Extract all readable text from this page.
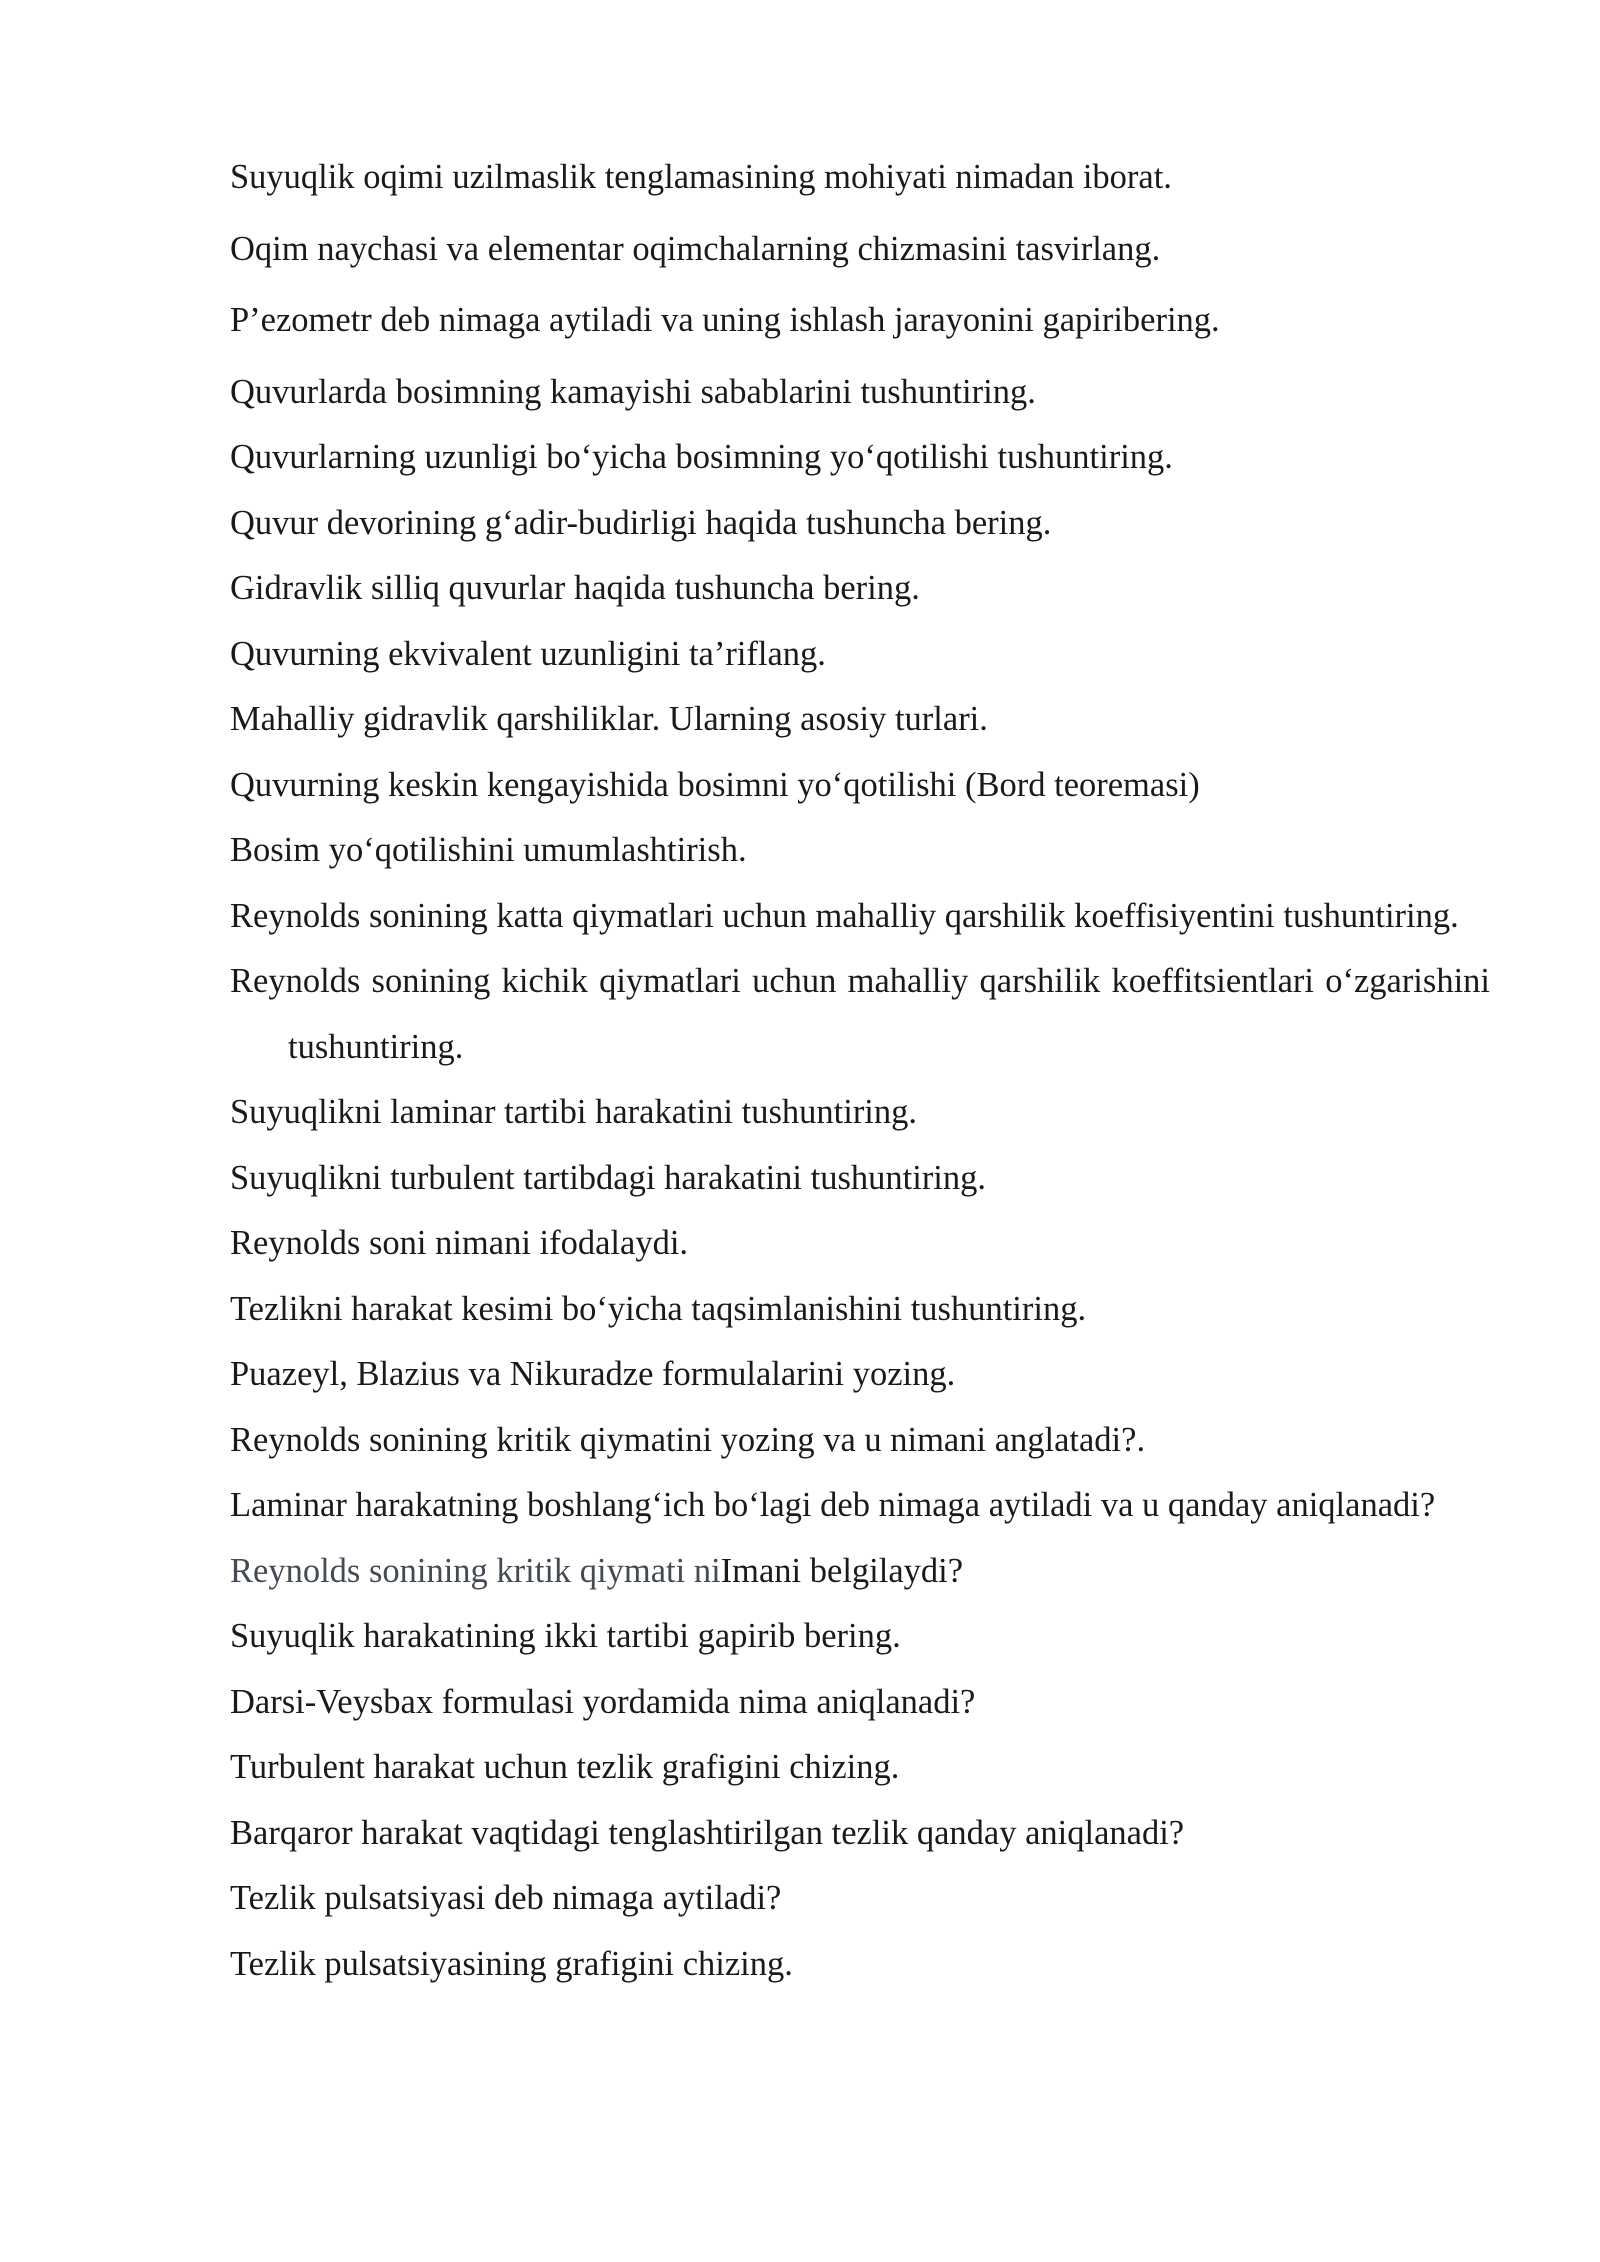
Suyuqlik oqimi uzilmaslik tenglamasining mohiyati nimadan iborat.

Oqim naychasi va elementar oqimchalarning chizmasini tasvirlang.

P’ezometr deb nimaga aytiladi va uning ishlash jarayonini gapiribering.

Quvurlarda bosimning kamayishi sabablarini tushuntiring.

Quvurlarning uzunligi bo‘yicha bosimning yo‘qotilishi tushuntiring.

Quvur devorining g‘adir-budirligi haqida tushuncha bering.

Gidravlik silliq quvurlar haqida tushuncha bering.

Quvurning ekvivalent uzunligini ta’riflang.

Mahalliy gidravlik qarshiliklar. Ularning asosiy turlari.

Quvurning keskin kengayishida bosimni yo‘qotilishi (Bord teoremasi)

Bosim yo‘qotilishini umumlashtirish.

Reynolds sonining katta qiymatlari uchun mahalliy qarshilik koeffisiyentini tushuntiring.

Reynolds sonining kichik qiymatlari uchun mahalliy qarshilik koeffitsientlari o‘zgarishini tushuntiring.

Suyuqlikni laminar tartibi harakatini tushuntiring.

Suyuqlikni turbulent tartibdagi harakatini tushuntiring.

Reynolds soni nimani ifodalaydi.

Tezlikni harakat kesimi bo‘yicha taqsimlanishini tushuntiring.

Puazeyl, Blazius va Nikuradze formulalarini yozing.

Reynolds sonining kritik qiymatini yozing va u nimani anglatadi?.

Laminar harakatning boshlang‘ich bo‘lagi deb nimaga aytiladi va u qanday aniqlanadi?

Reynolds sonining kritik qiymati niImani belgilaydi?

Suyuqlik harakatining ikki tartibi gapirib bering.

Darsi-Veysbax formulasi yordamida nima aniqlanadi?

Turbulent harakat uchun tezlik grafigini chizing.

Barqaror harakat vaqtidagi tenglashtirilgan tezlik qanday aniqlanadi?

Tezlik pulsatsiyasi deb nimaga aytiladi?

Tezlik pulsatsiyasining grafigini chizing.
